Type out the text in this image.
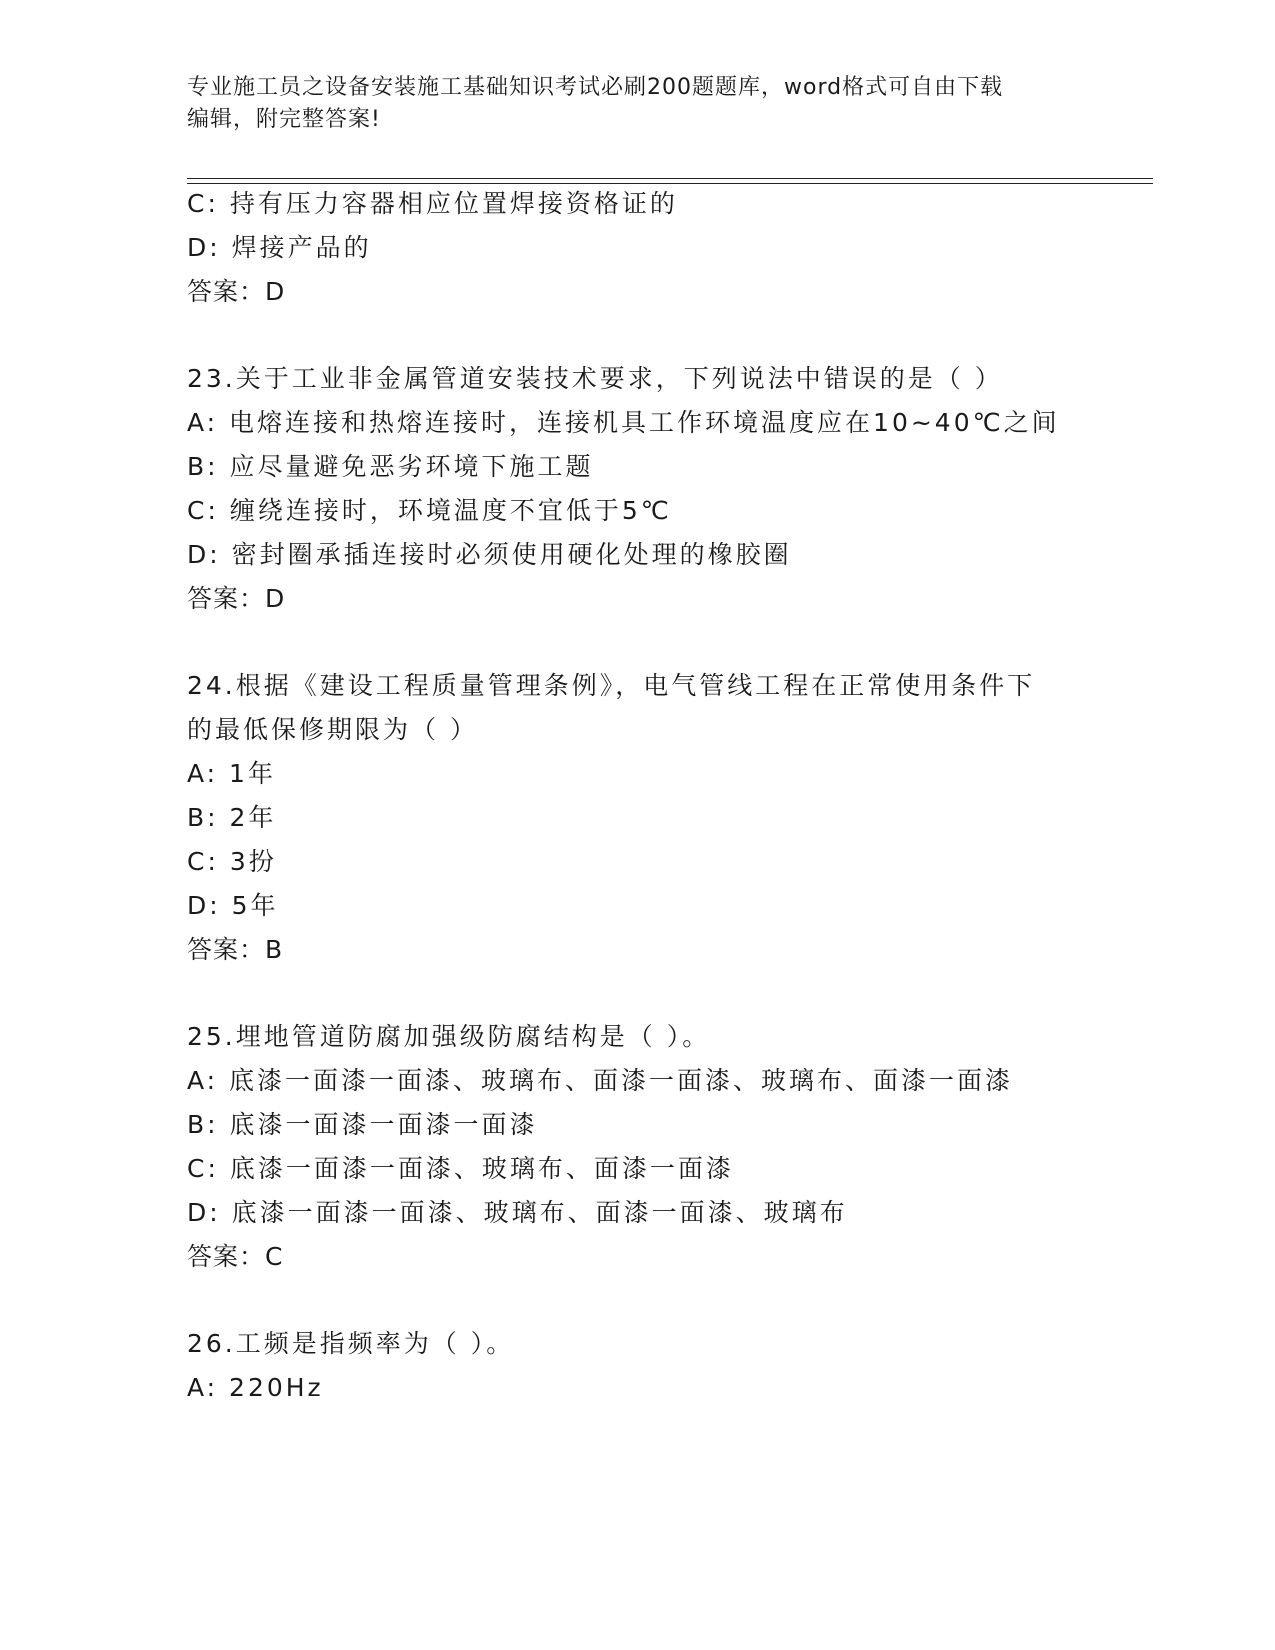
专业施工员之设备安装施工基础知识考试必刷200题题库，word格式可自由下载
编辑，附完整答案!
C: 持有压力容器相应位置焊接资格证的
D: 焊接产品的
答案：D
23.关于工业非金属管道安装技术要求，下列说法中错误的是（ ）
A: 电熔连接和热熔连接时，连接机具工作环境温度应在10~40℃之间
B: 应尽量避免恶劣环境下施工题
C: 缠绕连接时，环境温度不宜低于5℃
D: 密封圈承插连接时必须使用硬化处理的橡胶圈
答案：D
24.根据《建设工程质量管理条例》，电气管线工程在正常使用条件下
的最低保修期限为（ ）
A: 1年
B: 2年
C: 3扮
D: 5年
答案：B
25.埋地管道防腐加强级防腐结构是（ ）。
A: 底漆一面漆一面漆、玻璃布、面漆一面漆、玻璃布、面漆一面漆
B: 底漆一面漆一面漆一面漆
C: 底漆一面漆一面漆、玻璃布、面漆一面漆
D: 底漆一面漆一面漆、玻璃布、面漆一面漆、玻璃布
答案：C
26.工频是指频率为（ ）。
A: 220Hz
